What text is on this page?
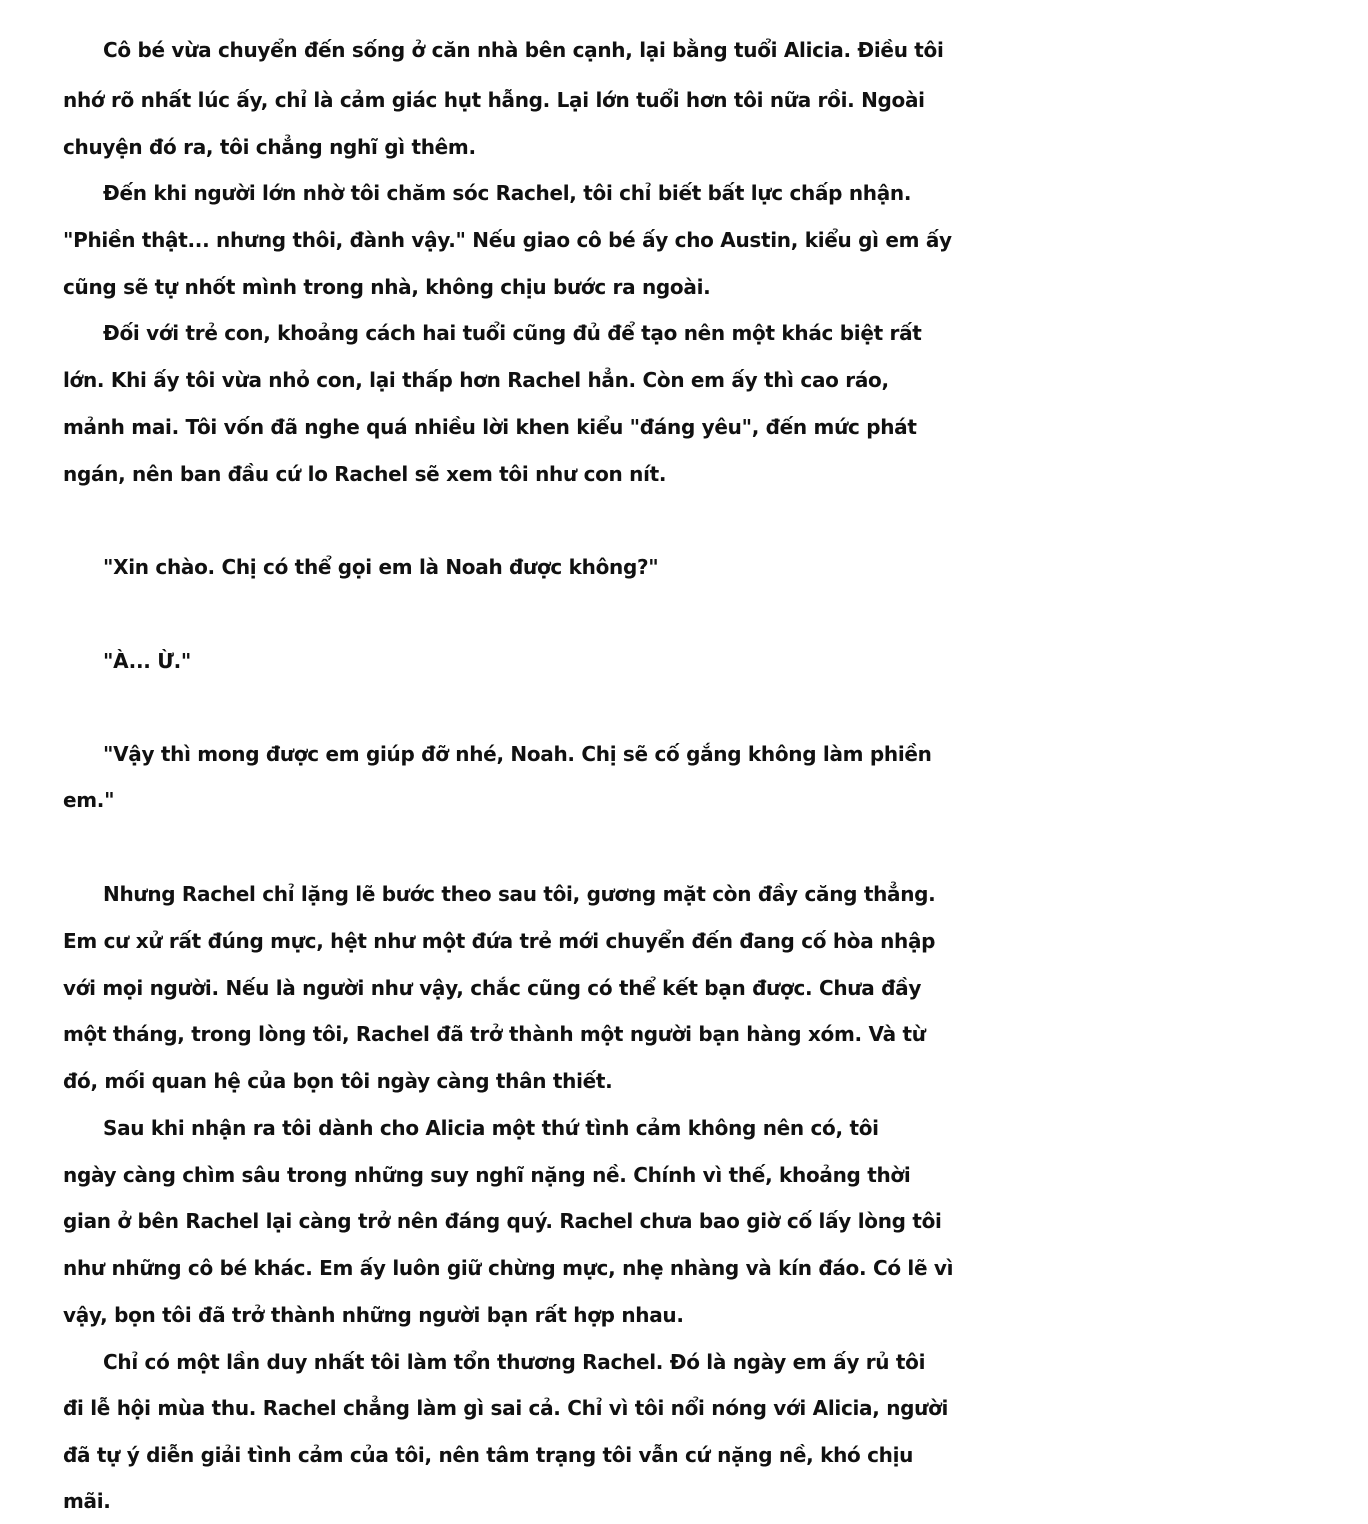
Cô bé vừa chuyển đến sống ở căn nhà bên cạnh, lại bằng tuổi Alicia. Điều tôi
nhớ rõ nhất lúc ấy, chỉ là cảm giác hụt hẫng. Lại lớn tuổi hơn tôi nữa rồi. Ngoài
chuyện đó ra, tôi chẳng nghĩ gì thêm.
Đến khi người lớn nhờ tôi chăm sóc Rachel, tôi chỉ biết bất lực chấp nhận.
"Phiền thật... nhưng thôi, đành vậy." Nếu giao cô bé ấy cho Austin, kiểu gì em ấy
cũng sẽ tự nhốt mình trong nhà, không chịu bước ra ngoài.
Đối với trẻ con, khoảng cách hai tuổi cũng đủ để tạo nên một khác biệt rất
lớn. Khi ấy tôi vừa nhỏ con, lại thấp hơn Rachel hẳn. Còn em ấy thì cao ráo,
mảnh mai. Tôi vốn đã nghe quá nhiều lời khen kiểu "đáng yêu", đến mức phát
ngán, nên ban đầu cứ lo Rachel sẽ xem tôi như con nít.
"Xin chào. Chị có thể gọi em là Noah được không?"
"À... Ừ."
"Vậy thì mong được em giúp đỡ nhé, Noah. Chị sẽ cố gắng không làm phiền
em."
Nhưng Rachel chỉ lặng lẽ bước theo sau tôi, gương mặt còn đầy căng thẳng.
Em cư xử rất đúng mực, hệt như một đứa trẻ mới chuyển đến đang cố hòa nhập
với mọi người. Nếu là người như vậy, chắc cũng có thể kết bạn được. Chưa đầy
một tháng, trong lòng tôi, Rachel đã trở thành một người bạn hàng xóm. Và từ
đó, mối quan hệ của bọn tôi ngày càng thân thiết.
Sau khi nhận ra tôi dành cho Alicia một thứ tình cảm không nên có, tôi
ngày càng chìm sâu trong những suy nghĩ nặng nề. Chính vì thế, khoảng thời
gian ở bên Rachel lại càng trở nên đáng quý. Rachel chưa bao giờ cố lấy lòng tôi
như những cô bé khác. Em ấy luôn giữ chừng mực, nhẹ nhàng và kín đáo. Có lẽ vì
vậy, bọn tôi đã trở thành những người bạn rất hợp nhau.
Chỉ có một lần duy nhất tôi làm tổn thương Rachel. Đó là ngày em ấy rủ tôi
đi lễ hội mùa thu. Rachel chẳng làm gì sai cả. Chỉ vì tôi nổi nóng với Alicia, người
đã tự ý diễn giải tình cảm của tôi, nên tâm trạng tôi vẫn cứ nặng nề, khó chịu
mãi.
